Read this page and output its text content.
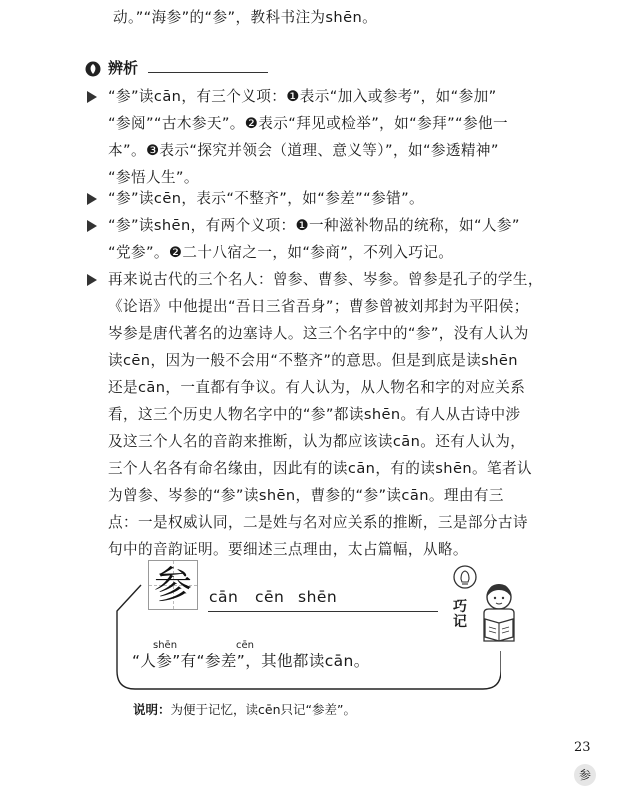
动。”“海参”的“参”，教科书注为shēn。
辨析
“参”读cān，有三个义项：❶表示“加入或参考”，如“参加”
“参阅”“古木参天”。❷表示“拜见或检举”，如“参拜”“参他一
本”。❸表示“探究并领会（道理、意义等）”，如“参透精神”
“参悟人生”。
“参”读cēn，表示“不整齐”，如“参差”“参错”。
“参”读shēn，有两个义项：❶一种滋补物品的统称，如“人参”
“党参”。❷二十八宿之一，如“参商”，不列入巧记。
再来说古代的三个名人：曾参、曹参、岑参。曾参是孔子的学生，
《论语》中他提出“吾日三省吾身”；曹参曾被刘邦封为平阳侯；
岑参是唐代著名的边塞诗人。这三个名字中的“参”，没有人认为
读cēn，因为一般不会用“不整齐”的意思。但是到底是读shēn
还是cān，一直都有争议。有人认为，从人物名和字的对应关系
看，这三个历史人物名字中的“参”都读shēn。有人从古诗中涉
及这三个人名的音韵来推断，认为都应该读cān。还有人认为，
三个人名各有命名缘由，因此有的读cān，有的读shēn。笔者认
为曾参、岑参的“参”读shēn，曹参的“参”读cān。理由有三
点：一是权威认同，二是姓与名对应关系的推断，三是部分古诗
句中的音韵证明。要细述三点理由，太占篇幅，从略。
参	cān cēn shēn
巧记
shēn	cēn
“人参”有“参差”，其他都读cān。
说明：为便于记忆，读cēn只记“参差”。
23
参
